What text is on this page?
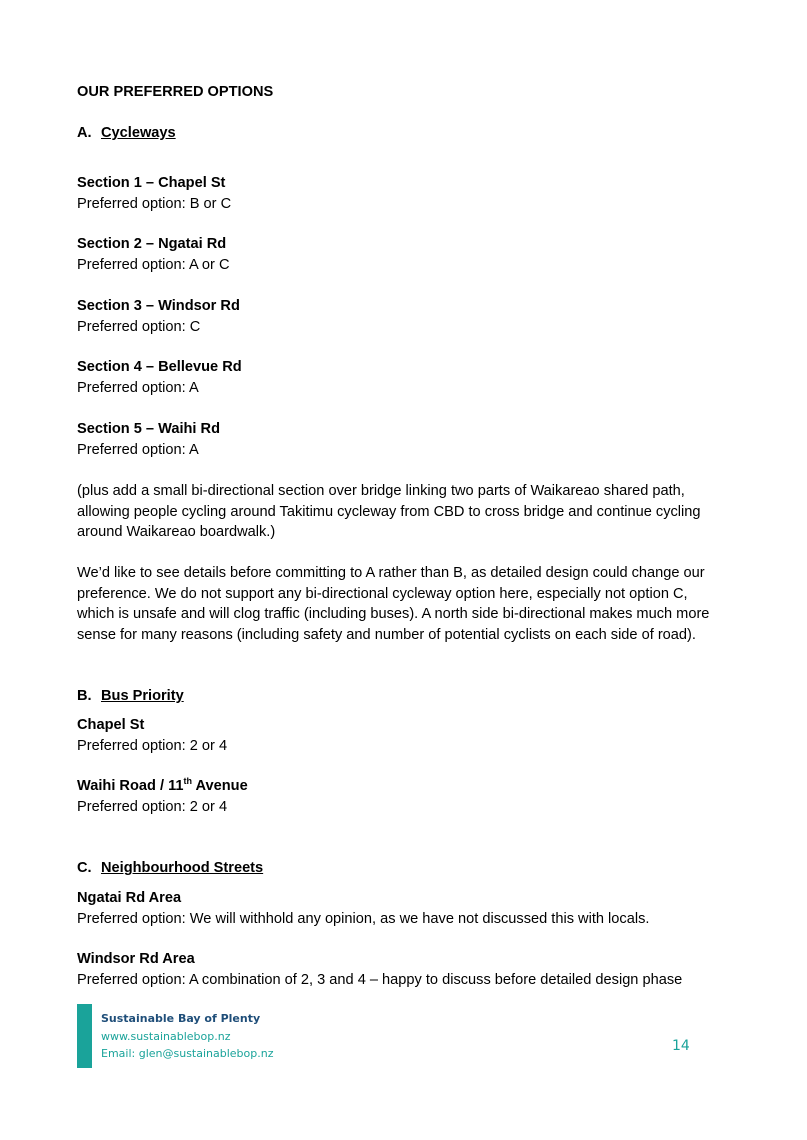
OUR PREFERRED OPTIONS
A. Cycleways
Section 1 – Chapel St
Preferred option: B or C
Section 2 – Ngatai Rd
Preferred option: A or C
Section 3 – Windsor Rd
Preferred option: C
Section 4 – Bellevue Rd
Preferred option: A
Section 5 – Waihi Rd
Preferred option: A
(plus add a small bi-directional section over bridge linking two parts of Waikareao shared path,
allowing people cycling around Takitimu cycleway from CBD to cross bridge and continue cycling
around Waikareao boardwalk.)
We’d like to see details before committing to A rather than B, as detailed design could change our
preference. We do not support any bi-directional cycleway option here, especially not option C,
which is unsafe and will clog traffic (including buses). A north side bi-directional makes much more
sense for many reasons (including safety and number of potential cyclists on each side of road).
B. Bus Priority
Chapel St
Preferred option: 2 or 4
Waihi Road / 11th Avenue
Preferred option: 2 or 4
C. Neighbourhood Streets
Ngatai Rd Area
Preferred option: We will withhold any opinion, as we have not discussed this with locals.
Windsor Rd Area
Preferred option: A combination of 2, 3 and 4 – happy to discuss before detailed design phase
Sustainable Bay of Plenty
www.sustainablebop.nz
Email: glen@sustainablebop.nz	14
